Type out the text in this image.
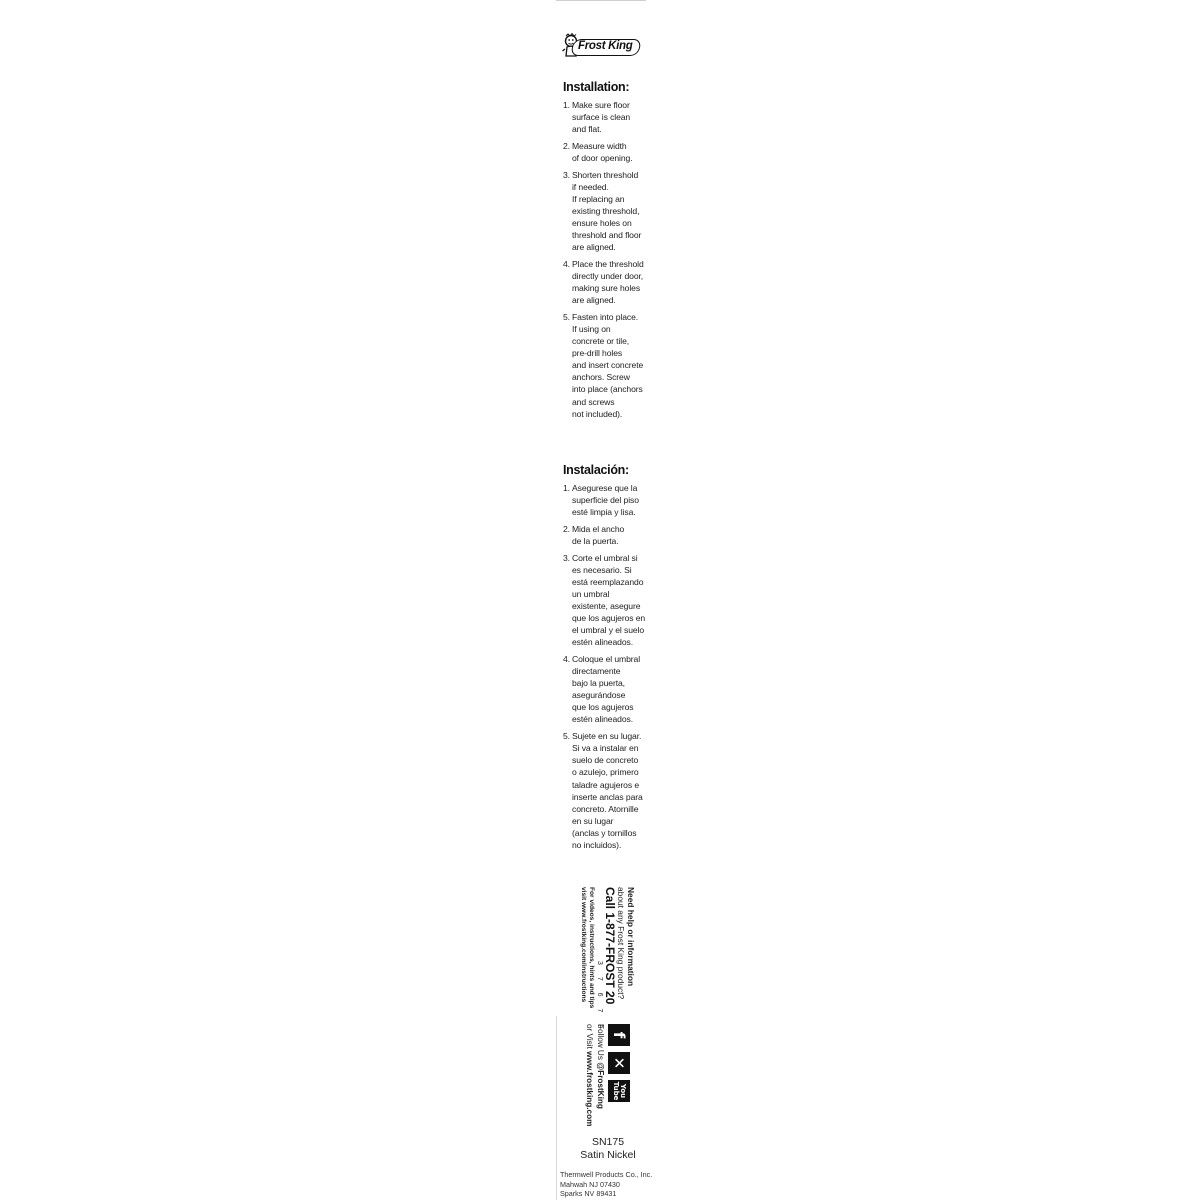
Frost King
Installation:
1. Make sure floor
surface is clean
and flat.
2. Measure width
of door opening.
3. Shorten threshold
if needed.
If replacing an
existing threshold,
ensure holes on
threshold and floor
are aligned.
4. Place the threshold
directly under door,
making sure holes
are aligned.
5. Fasten into place.
If using on
concrete or tile,
pre-drill holes
and insert concrete
anchors. Screw
into place (anchors
and screws
not included).
Instalación:
1. Asegurese que la
superficie del piso
esté limpia y lisa.
2. Mida el ancho
de la puerta.
3. Corte el umbral si
es necesario. Si
está reemplazando
un umbral
existente, asegure
que los agujeros en
el umbral y el suelo
estén alineados.
4. Coloque el umbral
directamente
bajo la puerta,
asegurándose
que los agujeros
estén alineados.
5. Sujete en su lugar.
Si va a instalar en
suelo de concreto
o azulejo, primero
taladre agujeros e
inserte anclas para
concreto. Atornille
en su lugar
(anclas y tornillos
no incluidos).
Need help or information
about any Frost King product?
Call 1-877-FROST 20
3 7 6 7 8
For videos, instructions, hints and tips
visit www.frostking.com/instructions
f
✕
You Tube
Follow Us @FrostKing
or Visit www.frostking.com
SN175
Satin Nickel
Thermwell Products Co., Inc.
Mahwah NJ 07430
Sparks NV 89431
